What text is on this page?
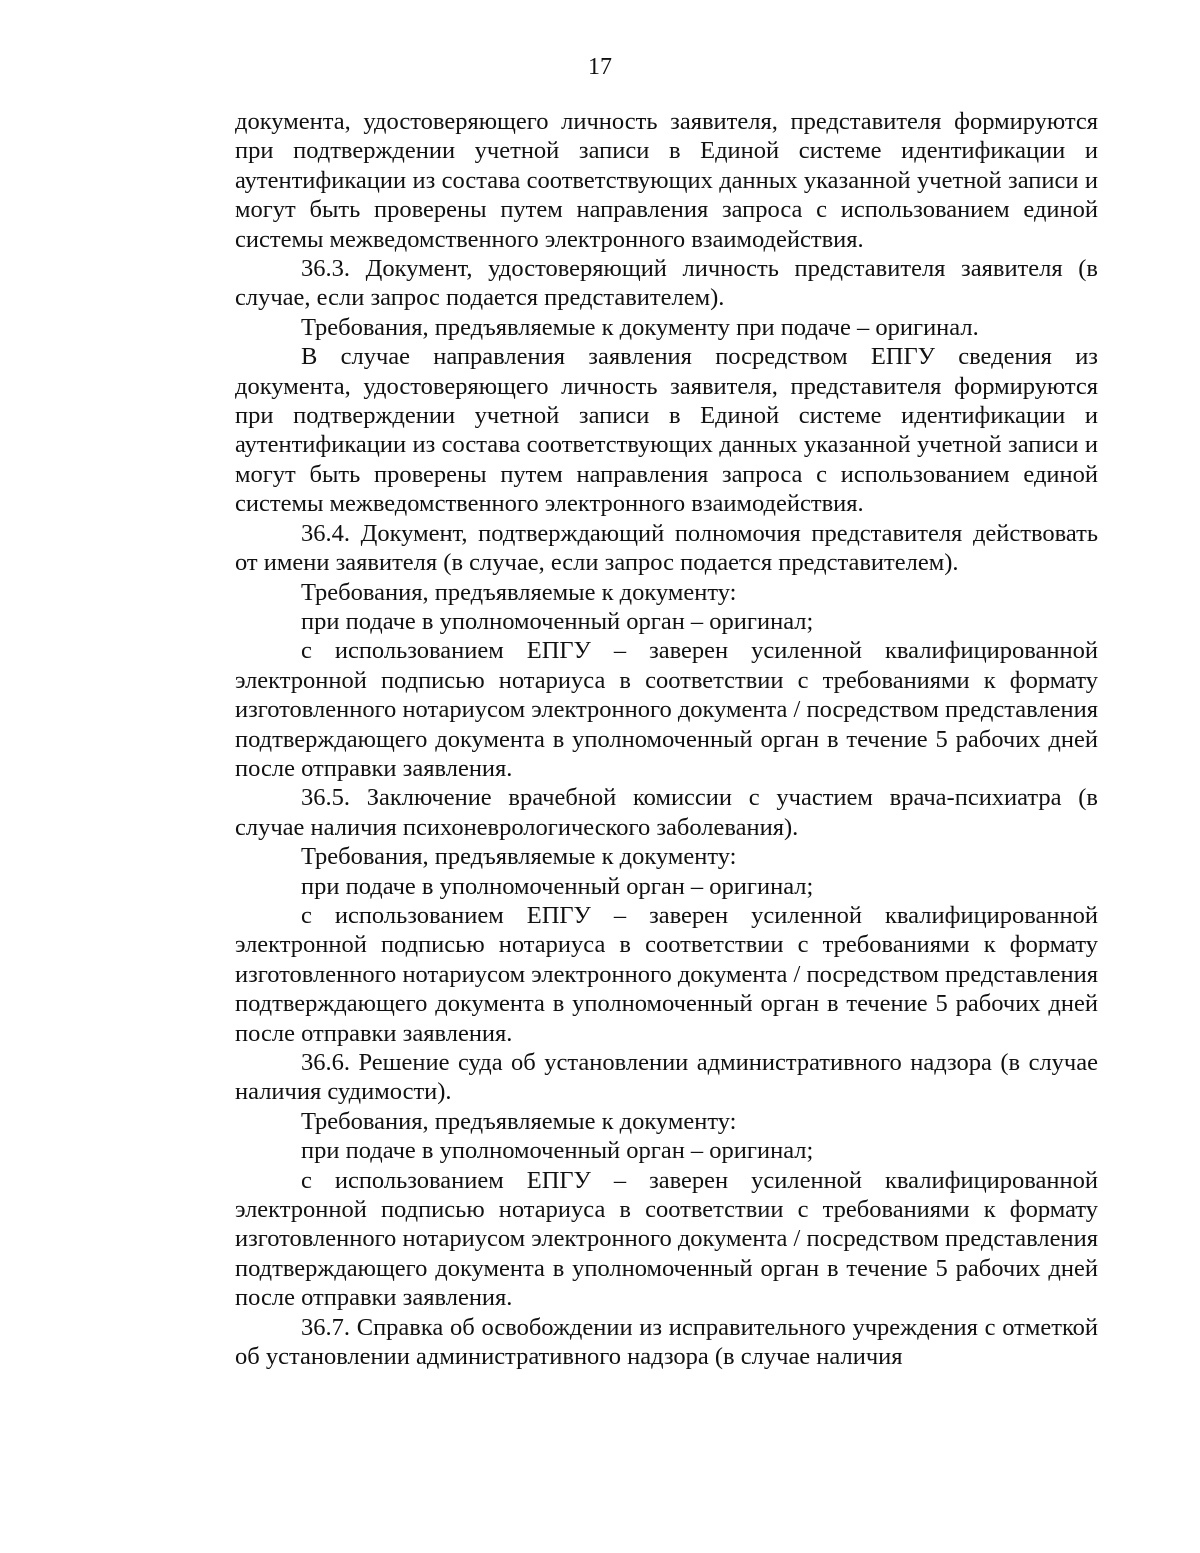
17

документа, удостоверяющего личность заявителя, представителя формируются при подтверждении учетной записи в Единой системе идентификации и аутентификации из состава соответствующих данных указанной учетной записи и могут быть проверены путем направления запроса с использованием единой системы межведомственного электронного взаимодействия.

36.3. Документ, удостоверяющий личность представителя заявителя (в случае, если запрос подается представителем).

Требования, предъявляемые к документу при подаче – оригинал.

В случае направления заявления посредством ЕПГУ сведения из документа, удостоверяющего личность заявителя, представителя формируются при подтверждении учетной записи в Единой системе идентификации и аутентификации из состава соответствующих данных указанной учетной записи и могут быть проверены путем направления запроса с использованием единой системы межведомственного электронного взаимодействия.

36.4. Документ, подтверждающий полномочия представителя действовать от имени заявителя (в случае, если запрос подается представителем).

Требования, предъявляемые к документу:

при подаче в уполномоченный орган – оригинал;

с использованием ЕПГУ – заверен усиленной квалифицированной электронной подписью нотариуса в соответствии с требованиями к формату изготовленного нотариусом электронного документа / посредством представления подтверждающего документа в уполномоченный орган в течение 5 рабочих дней после отправки заявления.

36.5. Заключение врачебной комиссии с участием врача-психиатра (в случае наличия психоневрологического заболевания).

Требования, предъявляемые к документу:

при подаче в уполномоченный орган – оригинал;

с использованием ЕПГУ – заверен усиленной квалифицированной электронной подписью нотариуса в соответствии с требованиями к формату изготовленного нотариусом электронного документа / посредством представления подтверждающего документа в уполномоченный орган в течение 5 рабочих дней после отправки заявления.

36.6. Решение суда об установлении административного надзора (в случае наличия судимости).

Требования, предъявляемые к документу:

при подаче в уполномоченный орган – оригинал;

с использованием ЕПГУ – заверен усиленной квалифицированной электронной подписью нотариуса в соответствии с требованиями к формату изготовленного нотариусом электронного документа / посредством представления подтверждающего документа в уполномоченный орган в течение 5 рабочих дней после отправки заявления.

36.7. Справка об освобождении из исправительного учреждения с отметкой об установлении административного надзора (в случае наличия
